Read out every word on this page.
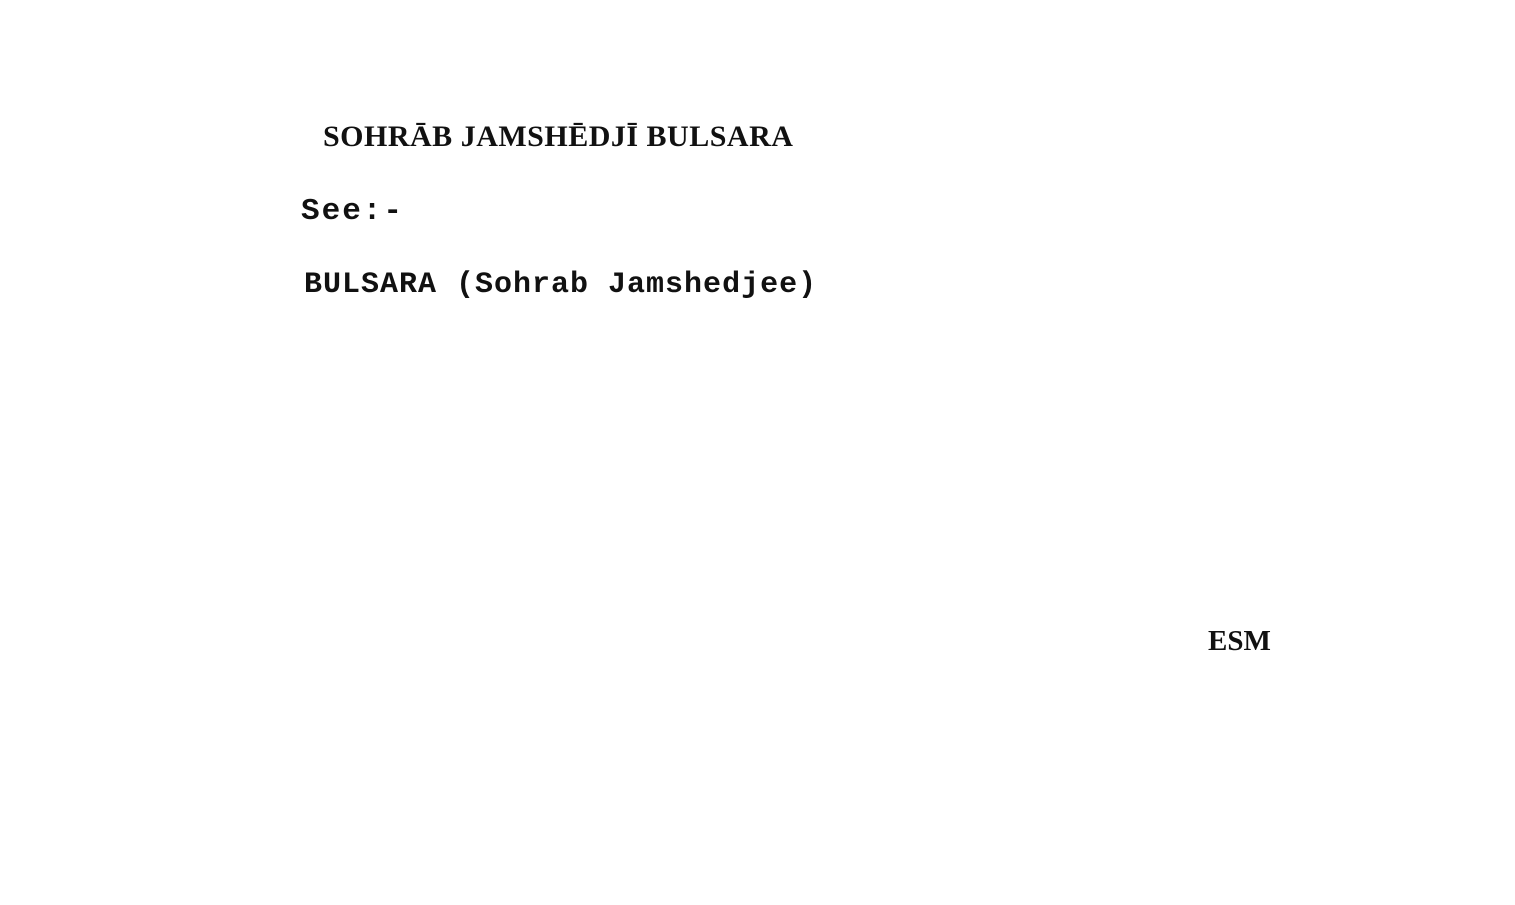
SOHRĀB JAMSHĒDJĪ BULSARA
See:-
BULSARA (Sohrab Jamshedjee)
ESM
